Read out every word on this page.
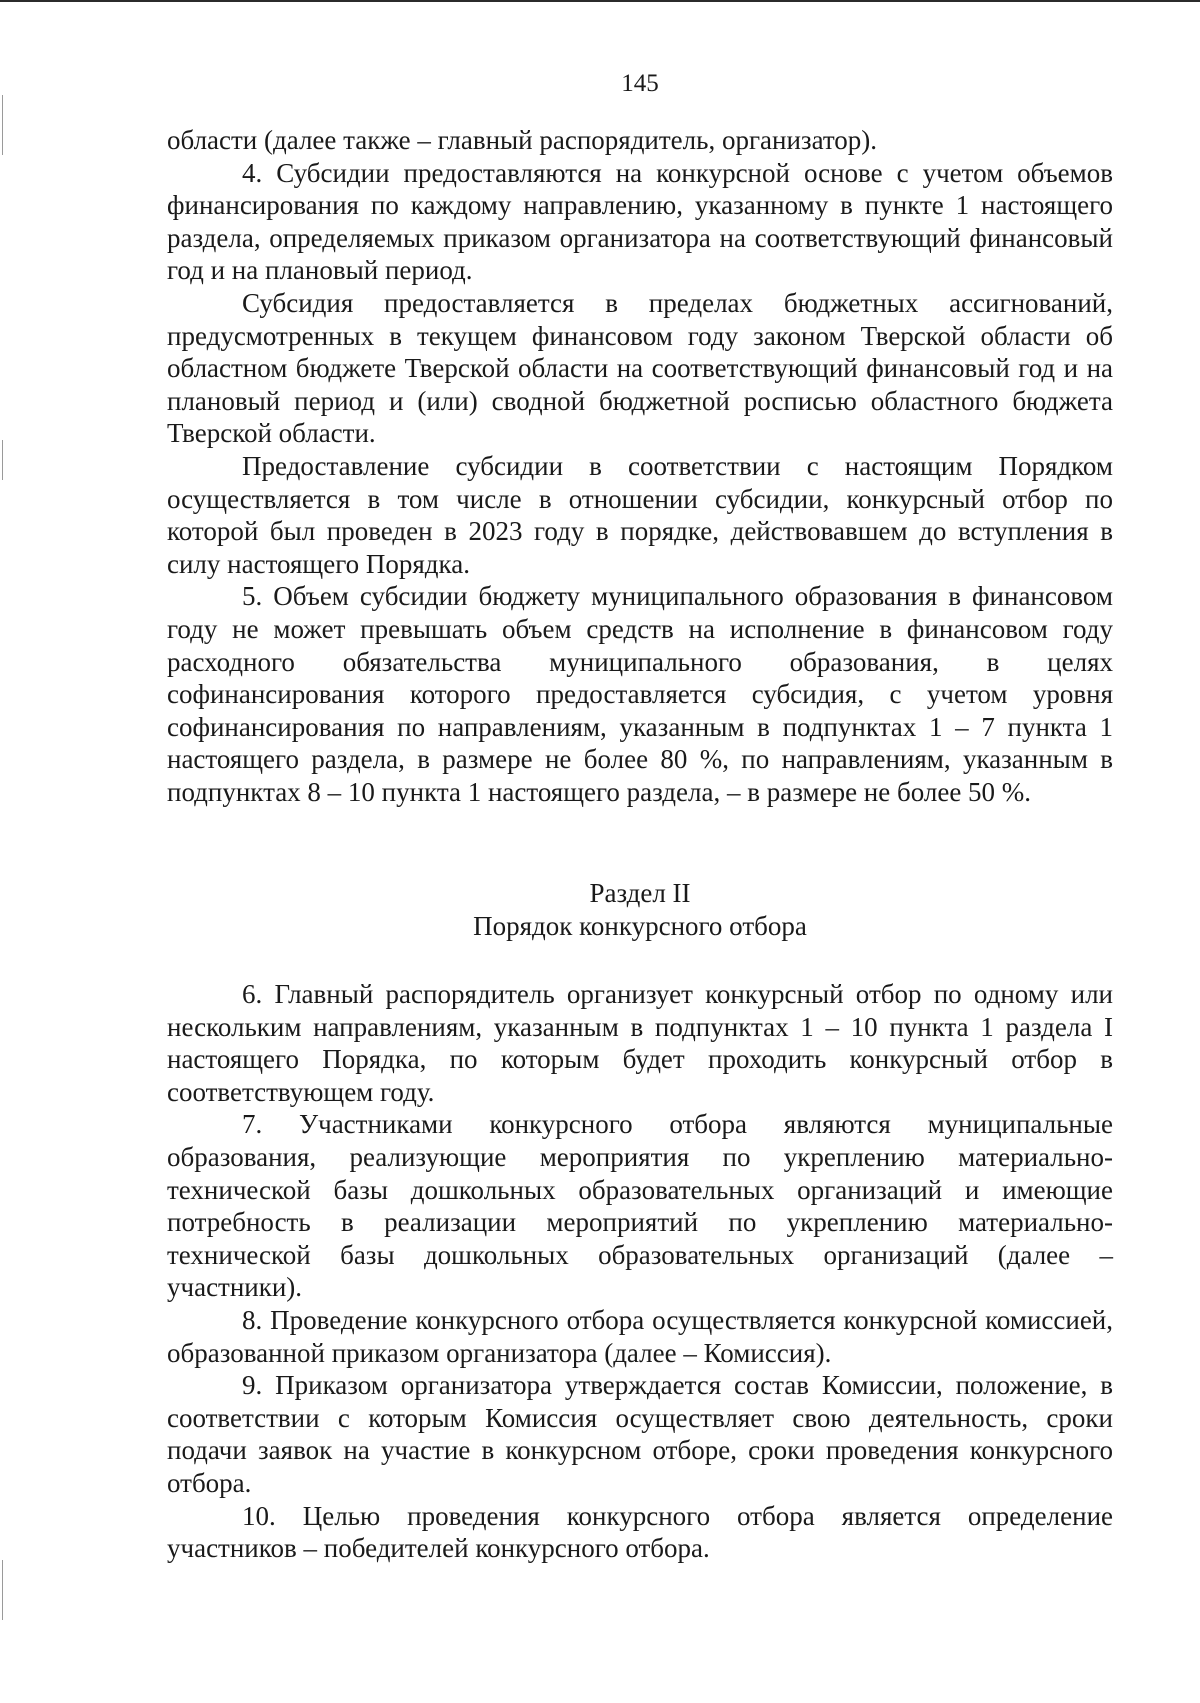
145

области (далее также – главный распорядитель, организатор).

4. Субсидии предоставляются на конкурсной основе с учетом объемов финансирования по каждому направлению, указанному в пункте 1 настоящего раздела, определяемых приказом организатора на соответствующий финансовый год и на плановый период.

Субсидия предоставляется в пределах бюджетных ассигнований, предусмотренных в текущем финансовом году законом Тверской области об областном бюджете Тверской области на соответствующий финансовый год и на плановый период и (или) сводной бюджетной росписью областного бюджета Тверской области.

Предоставление субсидии в соответствии с настоящим Порядком осуществляется в том числе в отношении субсидии, конкурсный отбор по которой был проведен в 2023 году в порядке, действовавшем до вступления в силу настоящего Порядка.

5. Объем субсидии бюджету муниципального образования в финансовом году не может превышать объем средств на исполнение в финансовом году расходного обязательства муниципального образования, в целях софинансирования которого предоставляется субсидия, с учетом уровня софинансирования по направлениям, указанным в подпунктах 1 – 7 пункта 1 настоящего раздела, в размере не более 80 %, по направлениям, указанным в подпунктах 8 – 10 пункта 1 настоящего раздела, – в размере не более 50 %.

Раздел II
Порядок конкурсного отбора

6. Главный распорядитель организует конкурсный отбор по одному или нескольким направлениям, указанным в подпунктах 1 – 10 пункта 1 раздела I настоящего Порядка, по которым будет проходить конкурсный отбор в соответствующем году.

7. Участниками конкурсного отбора являются муниципальные образования, реализующие мероприятия по укреплению материально-технической базы дошкольных образовательных организаций и имеющие потребность в реализации мероприятий по укреплению материально-технической базы дошкольных образовательных организаций (далее – участники).

8. Проведение конкурсного отбора осуществляется конкурсной комиссией, образованной приказом организатора (далее – Комиссия).

9. Приказом организатора утверждается состав Комиссии, положение, в соответствии с которым Комиссия осуществляет свою деятельность, сроки подачи заявок на участие в конкурсном отборе, сроки проведения конкурсного отбора.

10. Целью проведения конкурсного отбора является определение участников – победителей конкурсного отбора.
